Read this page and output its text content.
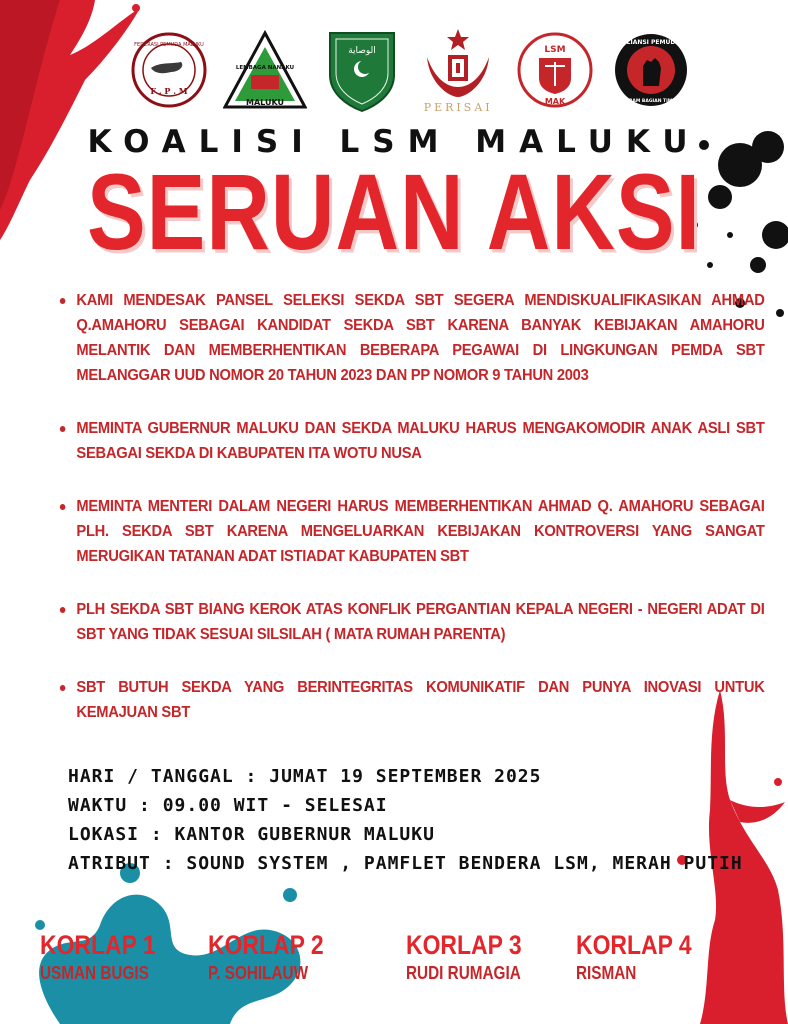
F . P . M
FEDERASI PEMUDA MALUKU
MALUKU
LEMBAGA NANAKU
الوصاية
PERISAI
LSM
MAK
ALIANSI PEMUDA
SERAM BAGIAN TIMUR
KOALISI LSM MALUKU
SERUAN AKSI
KAMI MENDESAK PANSEL SELEKSI SEKDA SBT SEGERA MENDISKUALIFIKASIKAN AHMAD Q.AMAHORU SEBAGAI KANDIDAT SEKDA SBT KARENA BANYAK KEBIJAKAN AMAHORU MELANTIK DAN MEMBERHENTIKAN BEBERAPA PEGAWAI DI LINGKUNGAN PEMDA SBT MELANGGAR UUD NOMOR 20 TAHUN 2023 DAN PP NOMOR 9 TAHUN 2003
MEMINTA GUBERNUR MALUKU DAN SEKDA MALUKU HARUS MENGAKOMODIR ANAK ASLI SBT SEBAGAI SEKDA DI KABUPATEN ITA WOTU NUSA
MEMINTA MENTERI DALAM NEGERI HARUS MEMBERHENTIKAN AHMAD Q. AMAHORU SEBAGAI PLH. SEKDA SBT KARENA MENGELUARKAN KEBIJAKAN KONTROVERSI YANG SANGAT MERUGIKAN TATANAN ADAT ISTIADAT KABUPATEN SBT
PLH SEKDA SBT BIANG KEROK ATAS KONFLIK PERGANTIAN KEPALA NEGERI - NEGERI ADAT DI SBT YANG TIDAK SESUAI SILSILAH ( MATA RUMAH PARENTA)
SBT BUTUH SEKDA YANG BERINTEGRITAS KOMUNIKATIF DAN PUNYA INOVASI UNTUK KEMAJUAN SBT
HARI / TANGGAL : JUMAT 19 SEPTEMBER 2025
WAKTU : 09.00 WIT - SELESAI
LOKASI : KANTOR GUBERNUR MALUKU
ATRIBUT : SOUND SYSTEM , PAMFLET BENDERA LSM, MERAH PUTIH
KORLAP 1
USMAN BUGIS
KORLAP 2
P. SOHILAUW
KORLAP 3
RUDI RUMAGIA
KORLAP 4
RISMAN
